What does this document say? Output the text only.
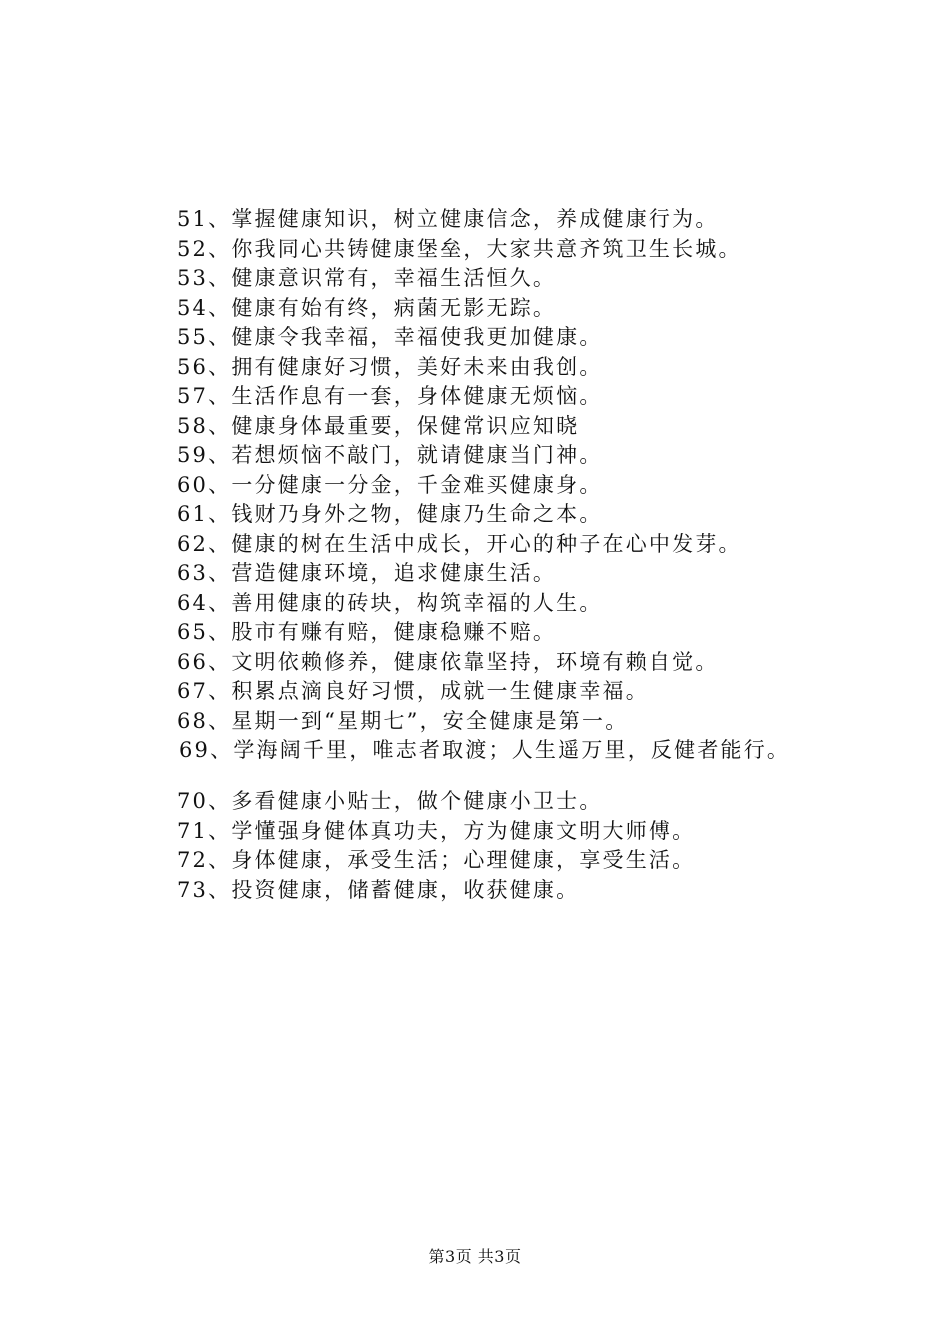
51、掌握健康知识，树立健康信念，养成健康行为。
52、你我同心共铸健康堡垒，大家共意齐筑卫生长城。
53、健康意识常有，幸福生活恒久。
54、健康有始有终，病菌无影无踪。
55、健康令我幸福，幸福使我更加健康。
56、拥有健康好习惯，美好未来由我创。
57、生活作息有一套，身体健康无烦恼。
58、健康身体最重要，保健常识应知晓
59、若想烦恼不敲门，就请健康当门神。
60、一分健康一分金，千金难买健康身。
61、钱财乃身外之物，健康乃生命之本。
62、健康的树在生活中成长，开心的种子在心中发芽。
63、营造健康环境，追求健康生活。
64、善用健康的砖块，构筑幸福的人生。
65、股市有赚有赔，健康稳赚不赔。
66、文明依赖修养，健康依靠坚持，环境有赖自觉。
67、积累点滴良好习惯，成就一生健康幸福。
68、星期一到“星期七”，安全健康是第一。
69、学海阔千里，唯志者取渡；人生遥万里，反健者能行。
70、多看健康小贴士，做个健康小卫士。
71、学懂强身健体真功夫，方为健康文明大师傅。
72、身体健康，承受生活；心理健康，享受生活。
73、投资健康，储蓄健康，收获健康。
第3页 共3页
